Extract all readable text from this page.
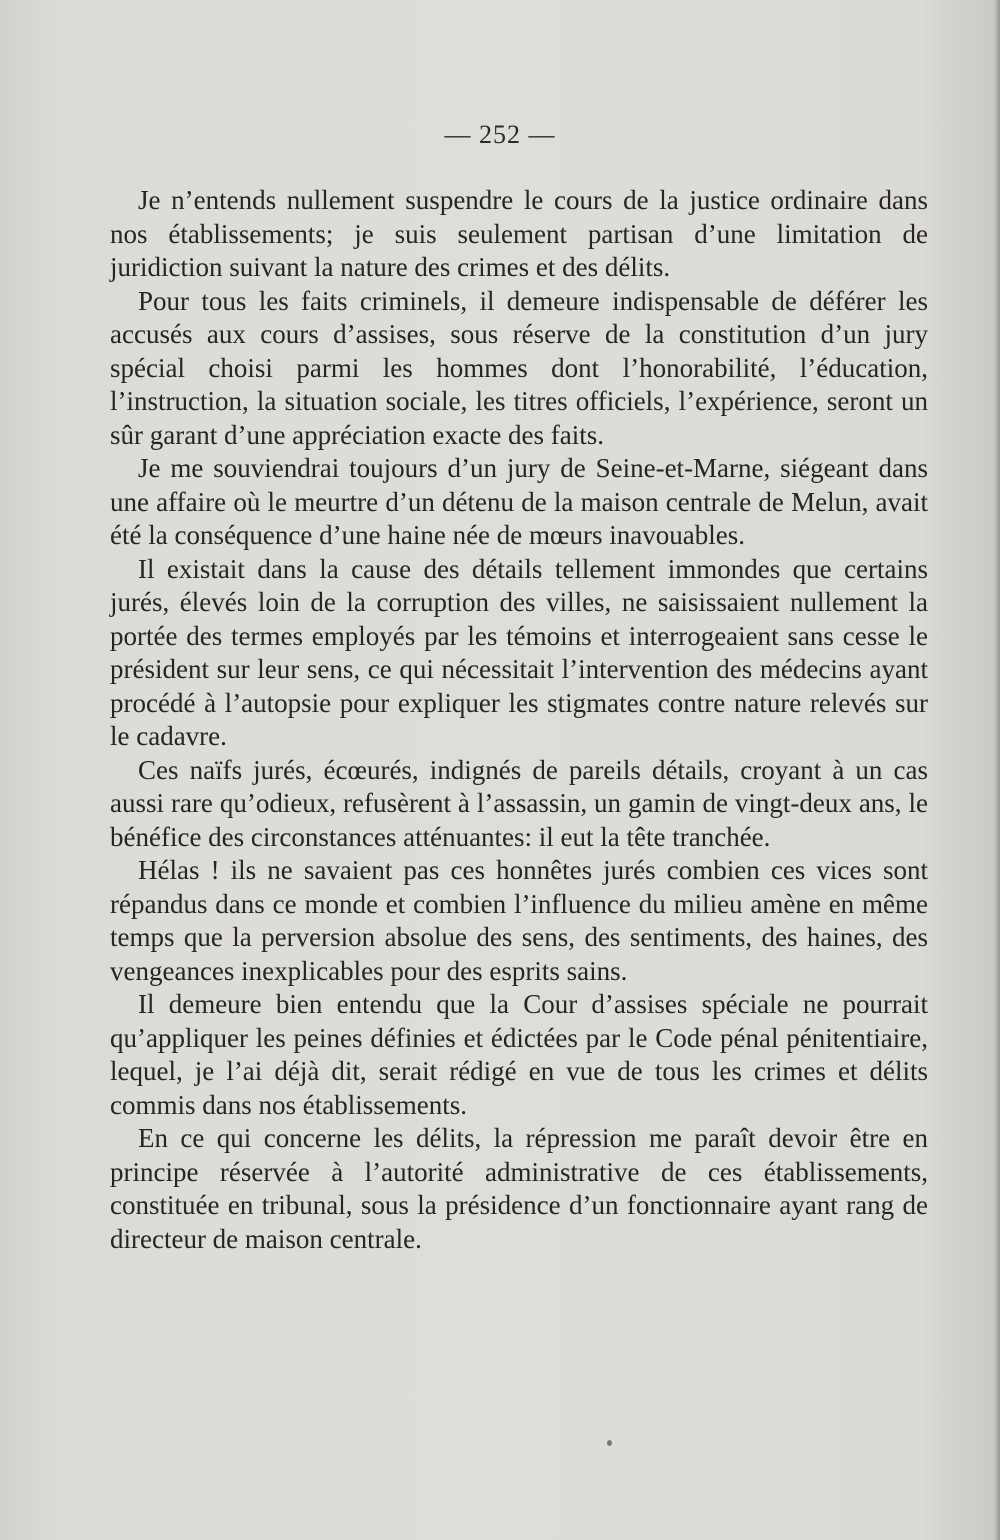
— 252 —

Je n’entends nullement suspendre le cours de la justice ordinaire dans nos établissements; je suis seulement partisan d’une limitation de juridiction suivant la nature des crimes et des délits.

Pour tous les faits criminels, il demeure indispensable de déférer les accusés aux cours d’assises, sous réserve de la constitution d’un jury spécial choisi parmi les hommes dont l’honorabilité, l’éducation, l’instruction, la situation sociale, les titres officiels, l’expérience, seront un sûr garant d’une appréciation exacte des faits.

Je me souviendrai toujours d’un jury de Seine-et-Marne, siégeant dans une affaire où le meurtre d’un détenu de la maison centrale de Melun, avait été la conséquence d’une haine née de mœurs inavouables.

Il existait dans la cause des détails tellement immondes que certains jurés, élevés loin de la corruption des villes, ne saisissaient nullement la portée des termes employés par les témoins et interrogeaient sans cesse le président sur leur sens, ce qui nécessitait l’intervention des médecins ayant procédé à l’autopsie pour expliquer les stigmates contre nature relevés sur le cadavre.

Ces naïfs jurés, écœurés, indignés de pareils détails, croyant à un cas aussi rare qu’odieux, refusèrent à l’assassin, un gamin de vingt-deux ans, le bénéfice des circonstances atténuantes: il eut la tête tranchée.

Hélas ! ils ne savaient pas ces honnêtes jurés combien ces vices sont répandus dans ce monde et combien l’influence du milieu amène en même temps que la perversion absolue des sens, des sentiments, des haines, des vengeances inexplicables pour des esprits sains.

Il demeure bien entendu que la Cour d’assises spéciale ne pourrait qu’appliquer les peines définies et édictées par le Code pénal pénitentiaire, lequel, je l’ai déjà dit, serait rédigé en vue de tous les crimes et délits commis dans nos établissements.

En ce qui concerne les délits, la répression me paraît devoir être en principe réservée à l’autorité administrative de ces établissements, constituée en tribunal, sous la présidence d’un fonctionnaire ayant rang de directeur de maison centrale.
